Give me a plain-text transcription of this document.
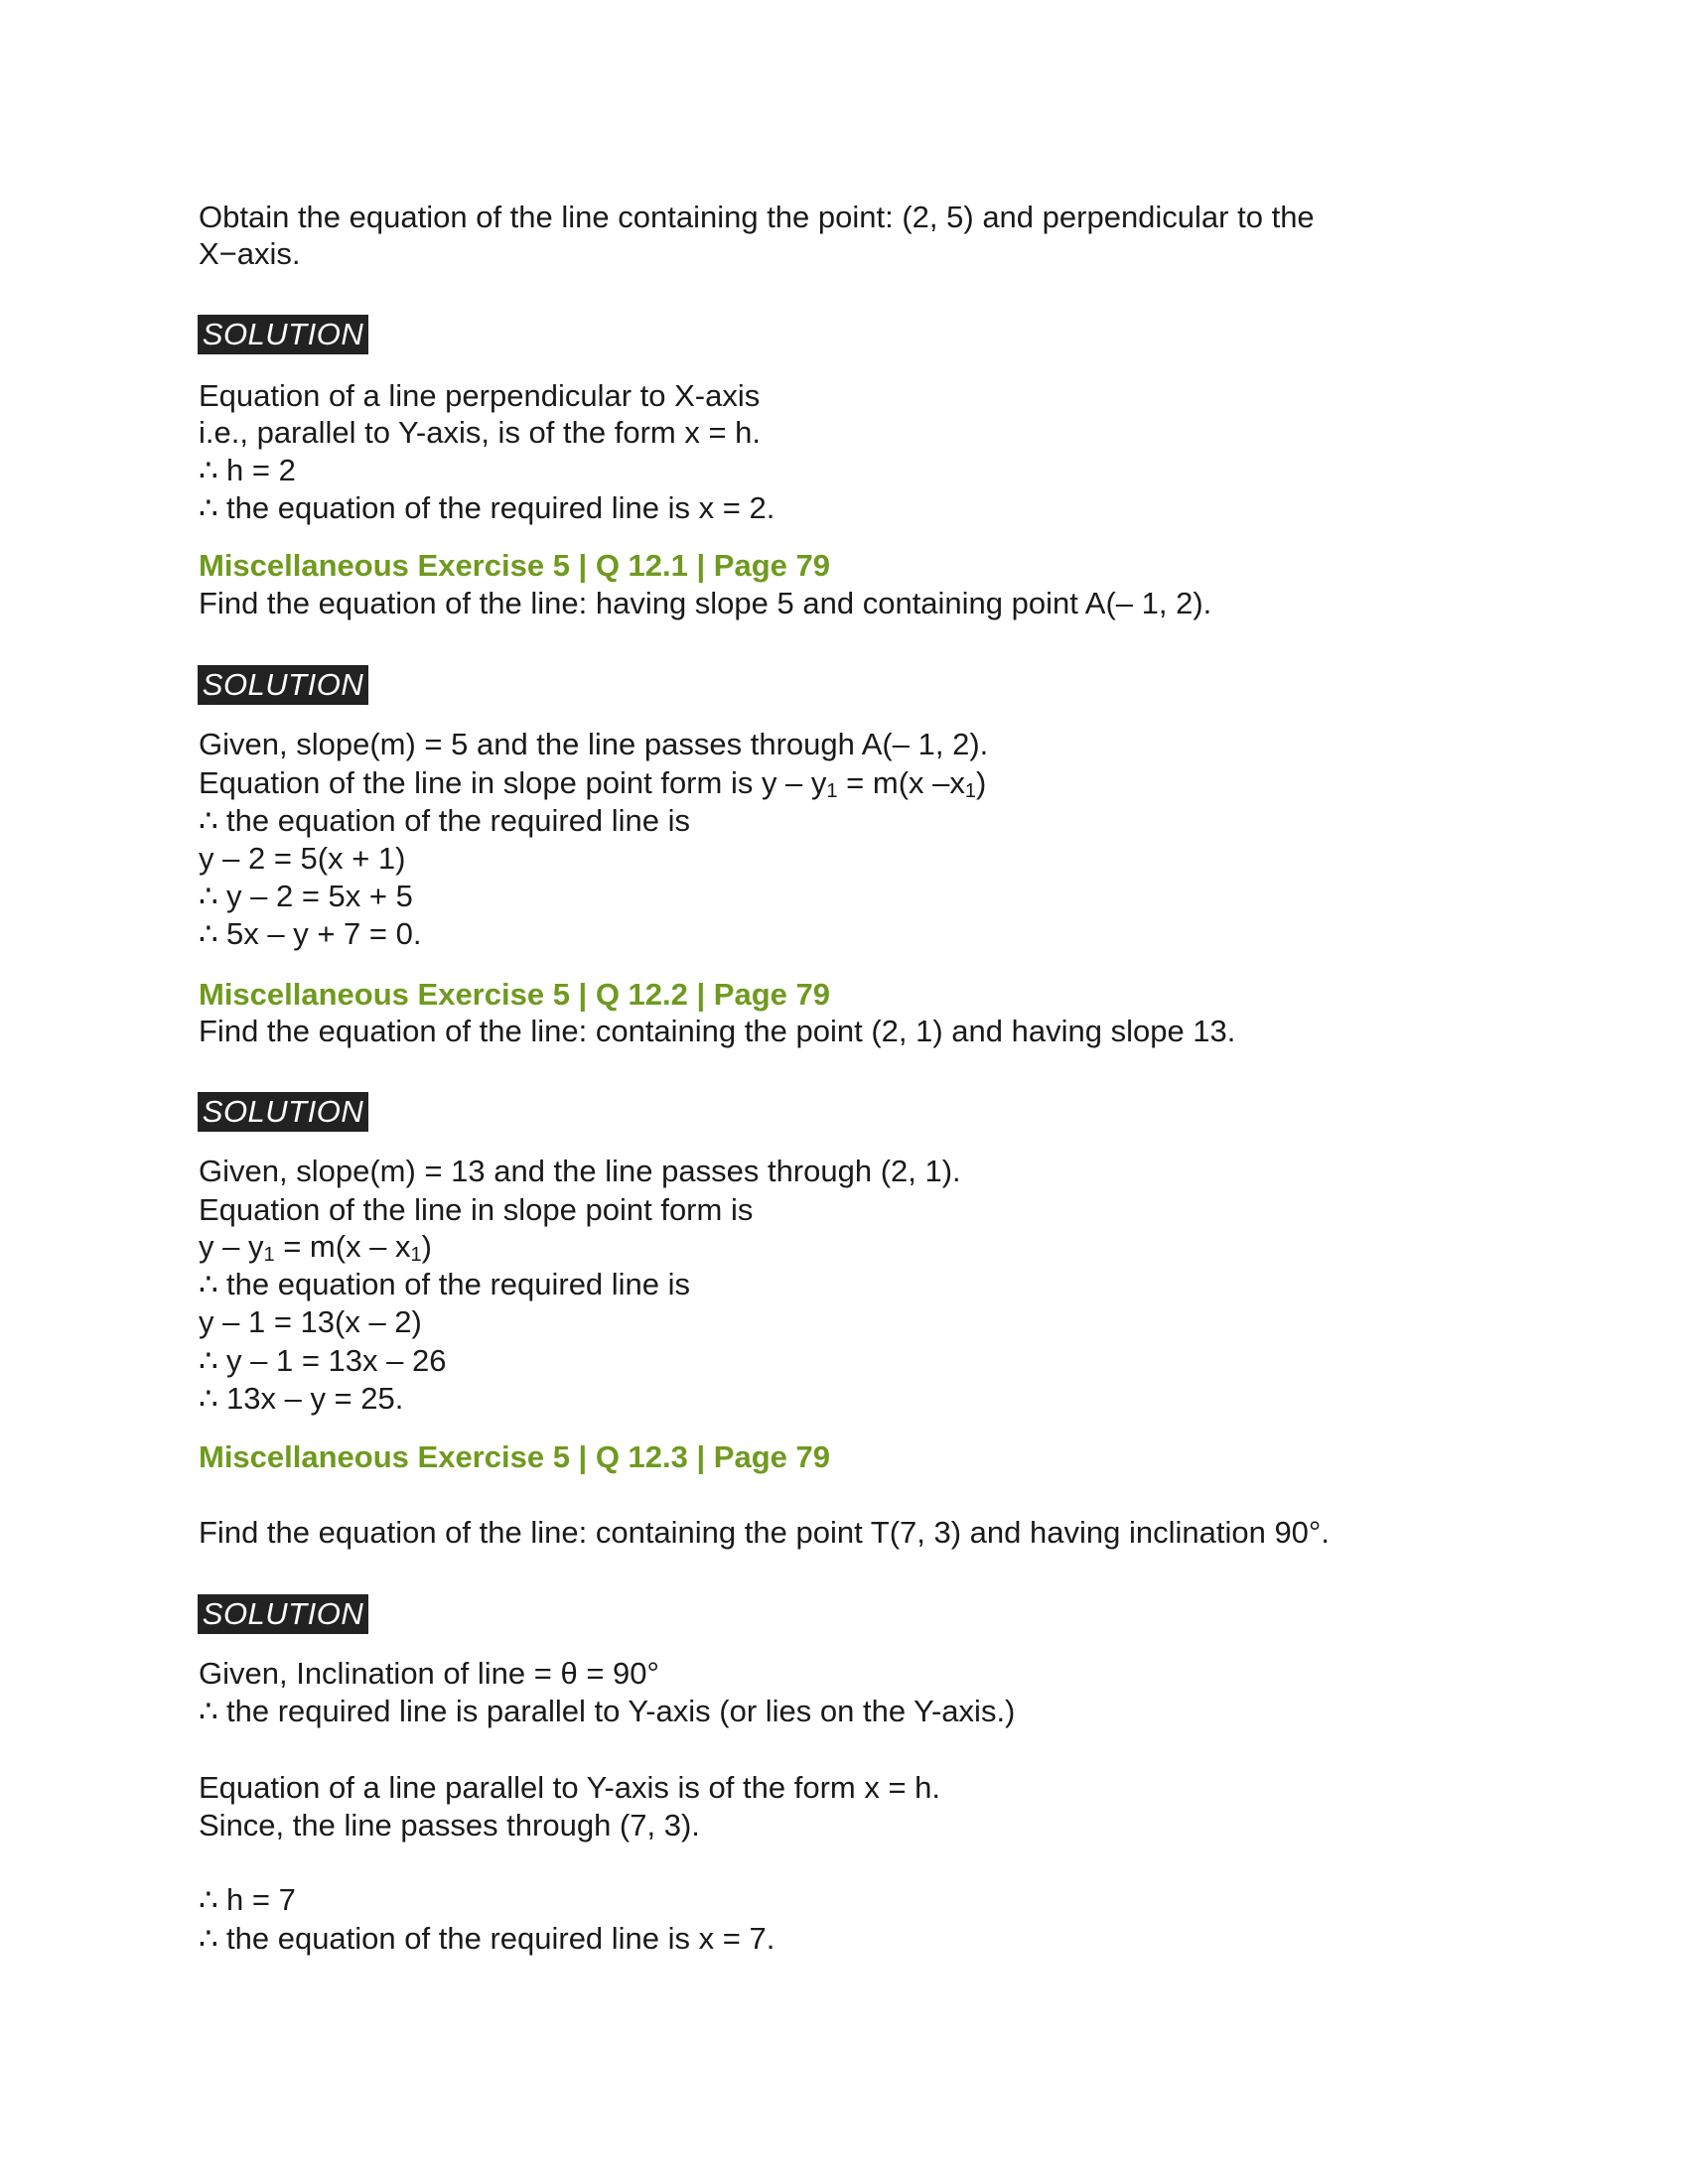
Obtain the equation of the line containing the point: (2, 5) and perpendicular to the
X−axis.
SOLUTION
Equation of a line perpendicular to X-axis
i.e., parallel to Y-axis, is of the form x = h.
∴ h = 2
∴ the equation of the required line is x = 2.
Miscellaneous Exercise 5 | Q 12.1 | Page 79
Find the equation of the line: having slope 5 and containing point A(– 1, 2).
SOLUTION
Given, slope(m) = 5 and the line passes through A(– 1, 2).
Equation of the line in slope point form is $y - y_1 = m(x$ $-x_1$)
∴ the equation of the required line is
y – 2 = 5(x + 1)
∴ y – 2 = 5x + 5
∴ 5x – y + 7 = 0.
Miscellaneous Exercise 5 | Q 12.2 | Page 79
Find the equation of the line: containing the point (2, 1) and having slope 13.
SOLUTION
Given, slope(m) = 13 and the line passes through (2, 1).
Equation of the line in slope point form is
$y - y_1 = m(x - x_1)$
∴ the equation of the required line is
y – 1 = 13(x – 2)
∴ y – 1 = 13x – 26
∴ 13x – y = 25.
Miscellaneous Exercise 5 | Q 12.3 | Page 79
Find the equation of the line: containing the point T(7, 3) and having inclination 90°.
SOLUTION
Given, Inclination of line = θ = 90°
∴ the required line is parallel to Y-axis (or lies on the Y-axis.)
Equation of a line parallel to Y-axis is of the form x = h.
Since, the line passes through (7, 3).
∴ h = 7
∴ the equation of the required line is x = 7.
